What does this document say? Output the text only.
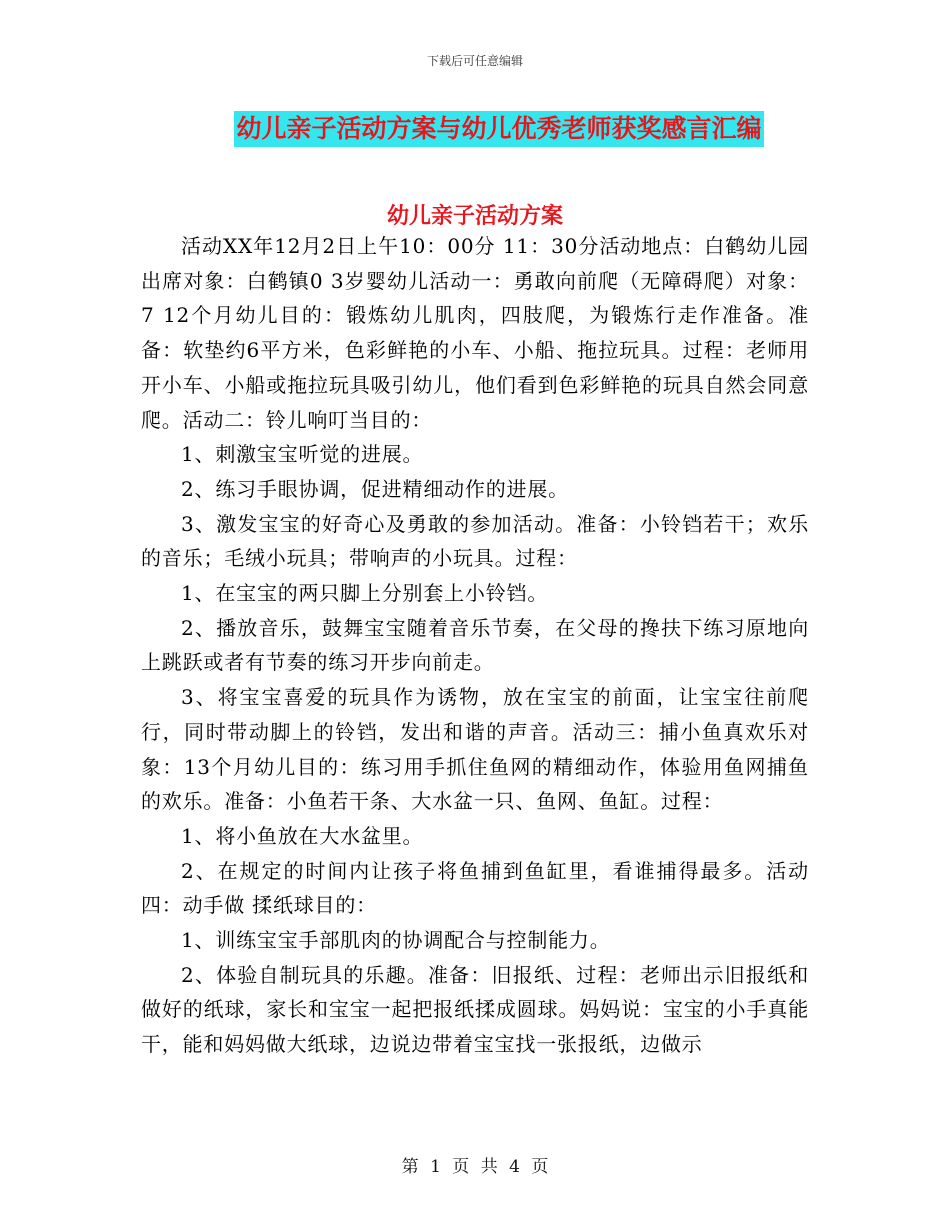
下载后可任意编辑
幼儿亲子活动方案与幼儿优秀老师获奖感言汇编
幼儿亲子活动方案

活动XX年12月2日上午10：00分 11：30分活动地点：白鹤幼儿园出席对象：白鹤镇0 3岁婴幼儿活动一：勇敢向前爬（无障碍爬）对象：7 12个月幼儿目的：锻炼幼儿肌肉，四肢爬，为锻炼行走作准备。准备：软垫约6平方米，色彩鲜艳的小车、小船、拖拉玩具。过程：老师用开小车、小船或拖拉玩具吸引幼儿，他们看到色彩鲜艳的玩具自然会同意爬。活动二：铃儿响叮当目的：

1、刺激宝宝听觉的进展。

2、练习手眼协调，促进精细动作的进展。

3、激发宝宝的好奇心及勇敢的参加活动。准备：小铃铛若干；欢乐的音乐；毛绒小玩具；带响声的小玩具。过程：

1、在宝宝的两只脚上分别套上小铃铛。

2、播放音乐，鼓舞宝宝随着音乐节奏，在父母的搀扶下练习原地向上跳跃或者有节奏的练习开步向前走。

3、将宝宝喜爱的玩具作为诱物，放在宝宝的前面，让宝宝往前爬行，同时带动脚上的铃铛，发出和谐的声音。活动三：捕小鱼真欢乐对象：13个月幼儿目的：练习用手抓住鱼网的精细动作，体验用鱼网捕鱼的欢乐。准备：小鱼若干条、大水盆一只、鱼网、鱼缸。过程：

1、将小鱼放在大水盆里。

2、在规定的时间内让孩子将鱼捕到鱼缸里，看谁捕得最多。活动四：动手做 揉纸球目的：

1、训练宝宝手部肌肉的协调配合与控制能力。

2、体验自制玩具的乐趣。准备：旧报纸、过程：老师出示旧报纸和做好的纸球，家长和宝宝一起把报纸揉成圆球。妈妈说：宝宝的小手真能干，能和妈妈做大纸球，边说边带着宝宝找一张报纸，边做示

第 1 页 共 4 页
